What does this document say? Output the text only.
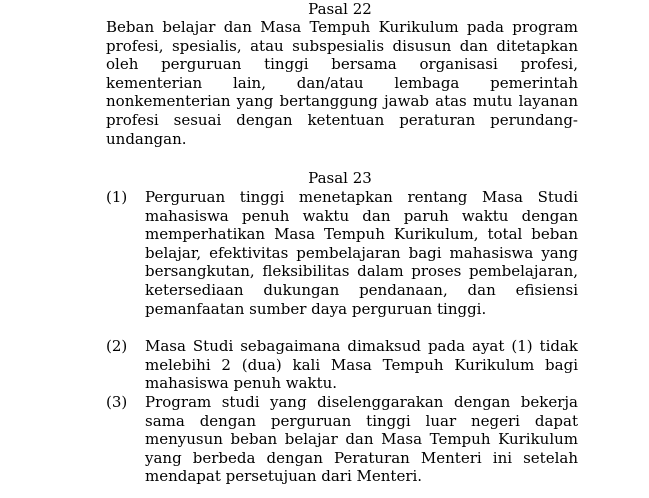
Pasal 22

Beban belajar dan Masa Tempuh Kurikulum pada program profesi, spesialis, atau subspesialis disusun dan ditetapkan oleh perguruan tinggi bersama organisasi profesi, kementerian lain, dan/atau lembaga pemerintah nonkementerian yang bertanggung jawab atas mutu layanan profesi sesuai dengan ketentuan peraturan perundang-undangan.

Pasal 23
(1) Perguruan tinggi menetapkan rentang Masa Studi mahasiswa penuh waktu dan paruh waktu dengan memperhatikan Masa Tempuh Kurikulum, total beban belajar, efektivitas pembelajaran bagi mahasiswa yang bersangkutan, fleksibilitas dalam proses pembelajaran, ketersediaan dukungan pendanaan, dan efisiensi pemanfaatan sumber daya perguruan tinggi.
(2) Masa Studi sebagaimana dimaksud pada ayat (1) tidak melebihi 2 (dua) kali Masa Tempuh Kurikulum bagi mahasiswa penuh waktu.
(3) Program studi yang diselenggarakan dengan bekerja sama dengan perguruan tinggi luar negeri dapat menyusun beban belajar dan Masa Tempuh Kurikulum yang berbeda dengan Peraturan Menteri ini setelah mendapat persetujuan dari Menteri.
